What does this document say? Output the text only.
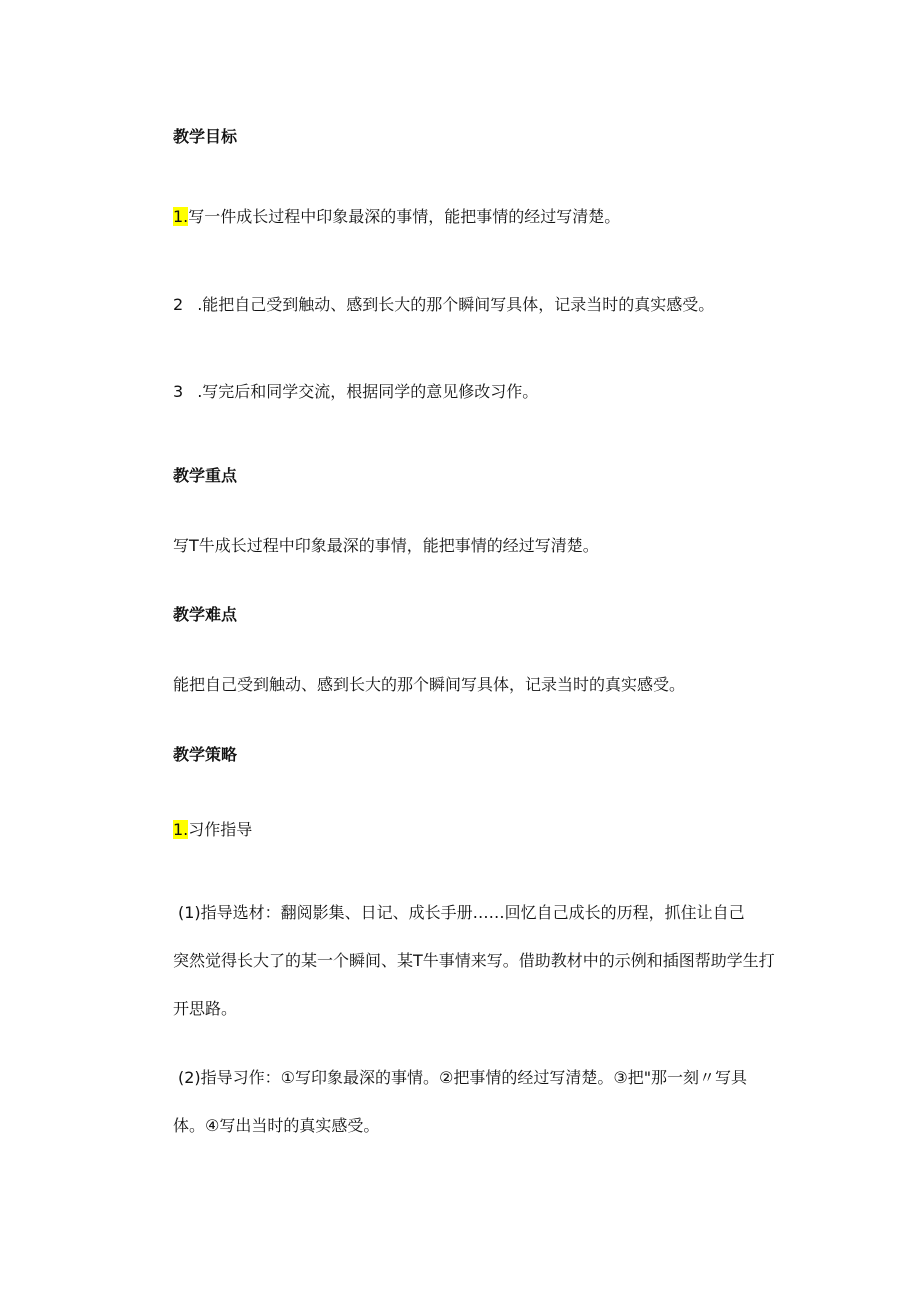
教学目标
1.写一件成长过程中印象最深的事情，能把事情的经过写清楚。
2 .能把自己受到触动、感到长大的那个瞬间写具体，记录当时的真实感受。
3 .写完后和同学交流，根据同学的意见修改习作。
教学重点
写T牛成长过程中印象最深的事情，能把事情的经过写清楚。
教学难点
能把自己受到触动、感到长大的那个瞬间写具体，记录当时的真实感受。
教学策略
1.习作指导
(1)指导选材：翻阅影集、日记、成长手册……回忆自己成长的历程，抓住让自己
突然觉得长大了的某一个瞬间、某T牛事情来写。借助教材中的示例和插图帮助学生打
开思路。
(2)指导习作：①写印象最深的事情。②把事情的经过写清楚。③把"那一刻〃写具
体。④写出当时的真实感受。
